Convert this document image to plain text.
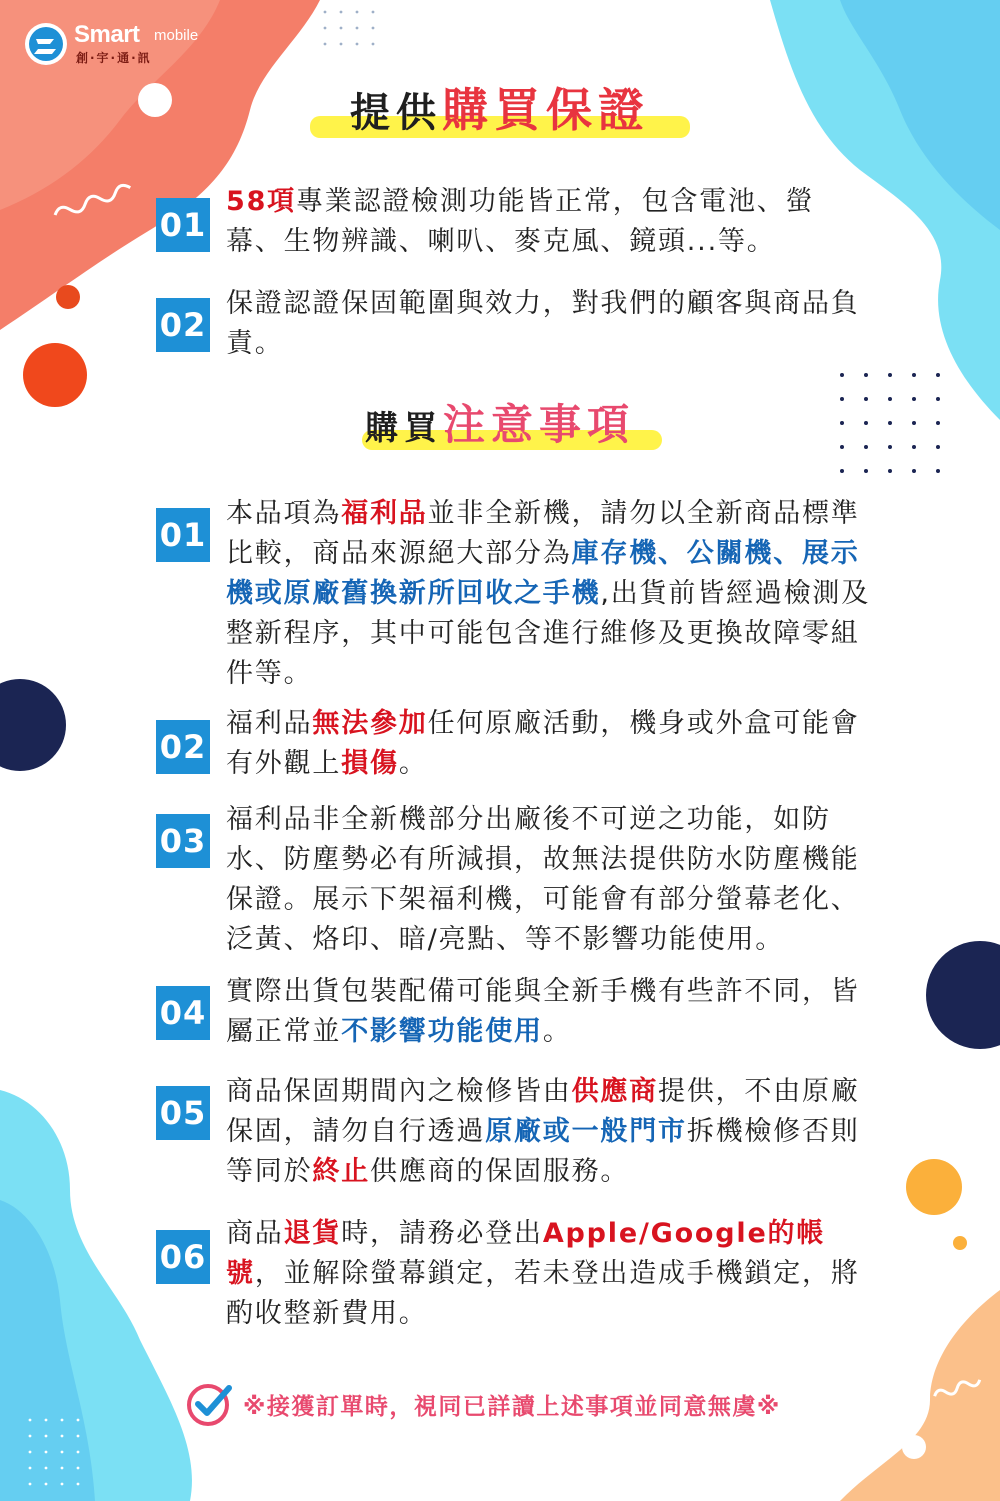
Smart mobile
創·宇·通·訊
提供購買保證
01
58項專業認證檢測功能皆正常，包含電池、螢幕、生物辨識、喇叭、麥克風、鏡頭...等。
02
保證認證保固範圍與效力，對我們的顧客與商品負責。
購買注意事項
01
本品項為福利品並非全新機，請勿以全新商品標準比較，商品來源絕大部分為庫存機、公關機、展示機或原廠舊換新所回收之手機,出貨前皆經過檢測及整新程序，其中可能包含進行維修及更換故障零組件等。
02
福利品無法參加任何原廠活動，機身或外盒可能會有外觀上損傷。
03
福利品非全新機部分出廠後不可逆之功能，如防水、防塵勢必有所減損，故無法提供防水防塵機能保證。展示下架福利機，可能會有部分螢幕老化、泛黃、烙印、暗/亮點、等不影響功能使用。
04
實際出貨包裝配備可能與全新手機有些許不同，皆屬正常並不影響功能使用。
05
商品保固期間內之檢修皆由供應商提供，不由原廠保固，請勿自行透過原廠或一般門市拆機檢修否則等同於終止供應商的保固服務。
06
商品退貨時，請務必登出Apple/Google的帳號，並解除螢幕鎖定，若未登出造成手機鎖定，將酌收整新費用。
※接獲訂單時，視同已詳讀上述事項並同意無虞※
